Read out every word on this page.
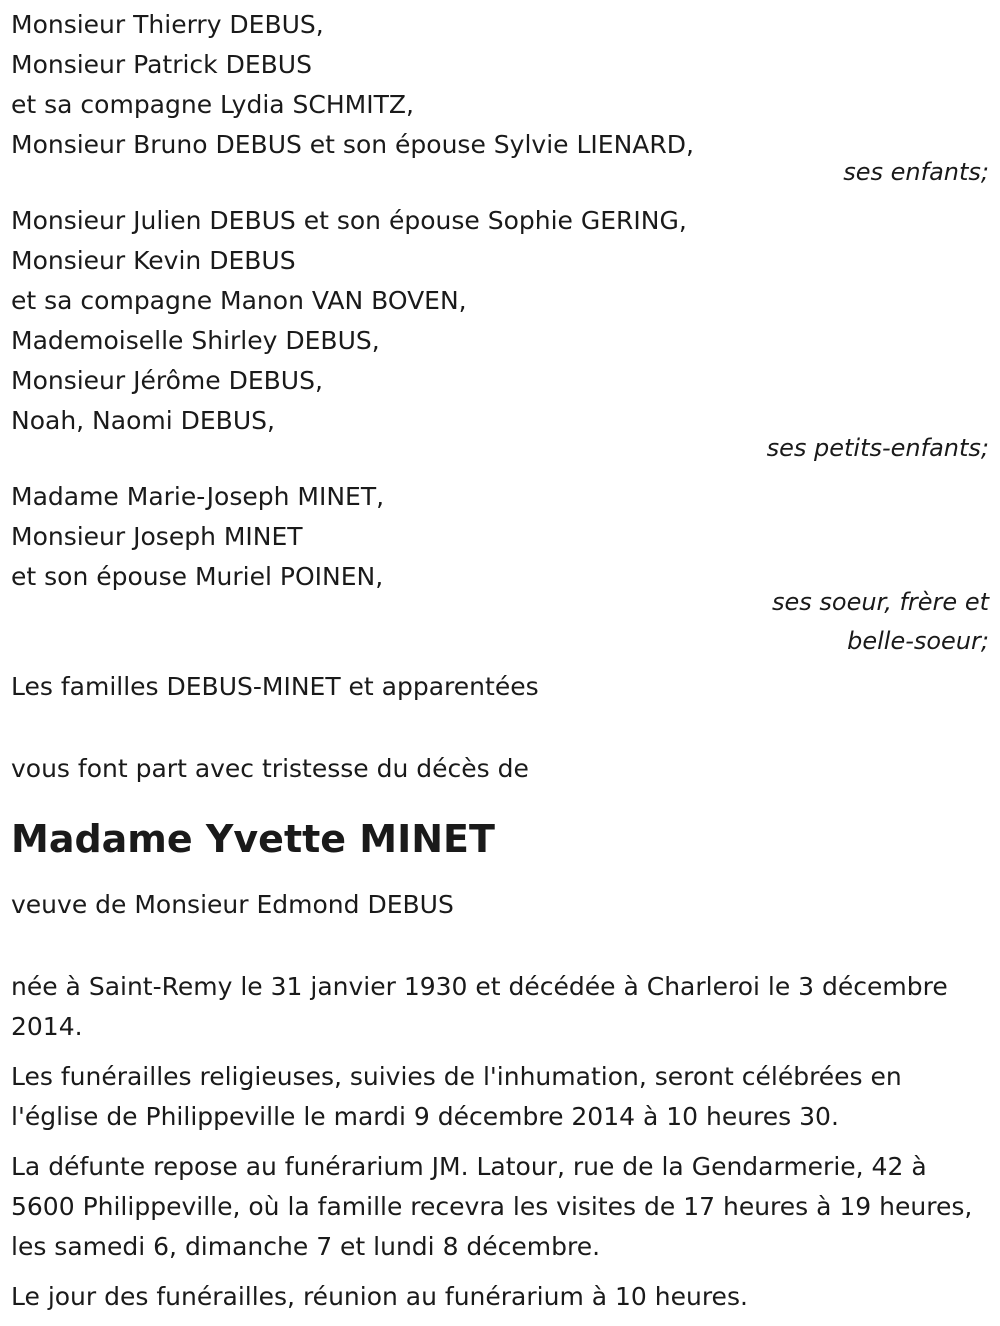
Monsieur Thierry DEBUS,
Monsieur Patrick DEBUS
et sa compagne Lydia SCHMITZ,
Monsieur Bruno DEBUS et son épouse Sylvie LIENARD,
ses enfants;
Monsieur Julien DEBUS et son épouse Sophie GERING,
Monsieur Kevin DEBUS
et sa compagne Manon VAN BOVEN,
Mademoiselle Shirley DEBUS,
Monsieur Jérôme DEBUS,
Noah, Naomi DEBUS,
ses petits-enfants;
Madame Marie-Joseph MINET,
Monsieur Joseph MINET
et son épouse Muriel POINEN,
ses soeur, frère et
belle-soeur;
Les familles DEBUS-MINET et apparentées
vous font part avec tristesse du décès de
Madame Yvette MINET
veuve de Monsieur Edmond DEBUS
née à Saint-Remy le 31 janvier 1930 et décédée à Charleroi le 3 décembre 2014.
Les funérailles religieuses, suivies de l'inhumation, seront célébrées en l'église de Philippeville le mardi 9 décembre 2014 à 10 heures 30.
La défunte repose au funérarium JM. Latour, rue de la Gendarmerie, 42 à 5600 Philippeville, où la famille recevra les visites de 17 heures à 19 heures, les samedi 6, dimanche 7 et lundi 8 décembre.
Le jour des funérailles, réunion au funérarium à 10 heures.
